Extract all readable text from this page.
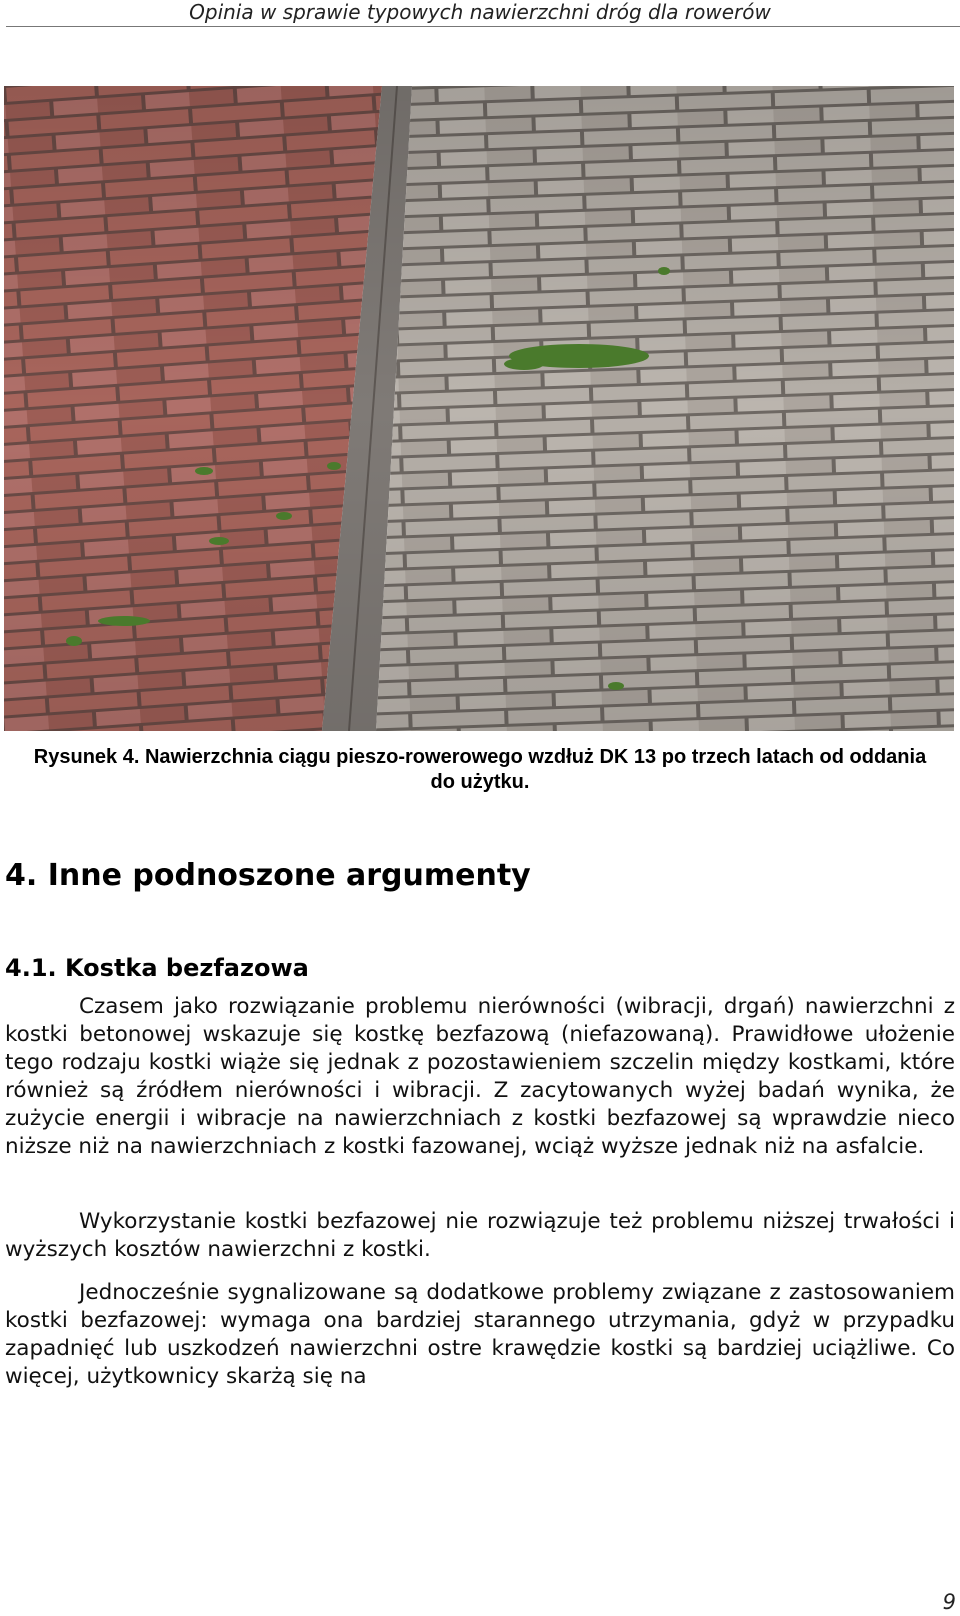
Opinia w sprawie typowych nawierzchni dróg dla rowerów
Rysunek 4. Nawierzchnia ciągu pieszo-rowerowego wzdłuż DK 13 po trzech latach od oddania do użytku.
4. Inne podnoszone argumenty
4.1. Kostka bezfazowa
Czasem jako rozwiązanie problemu nierówności (wibracji, drgań) nawierzchni z kostki betonowej wskazuje się kostkę bezfazową (niefazowaną). Prawidłowe ułożenie tego rodzaju kostki wiąże się jednak z pozostawieniem szczelin między kostkami, które również są źródłem nierówności i wibracji. Z zacytowanych wyżej badań wynika, że zużycie energii i wibracje na nawierzchniach z kostki bezfazowej są wprawdzie nieco niższe niż na nawierzchniach z kostki fazowanej, wciąż wyższe jednak niż na asfalcie.
Wykorzystanie kostki bezfazowej nie rozwiązuje też problemu niższej trwałości i wyższych kosztów nawierzchni z kostki.
Jednocześnie sygnalizowane są dodatkowe problemy związane z zastosowaniem kostki bezfazowej: wymaga ona bardziej starannego utrzymania, gdyż w przypadku zapadnięć lub uszkodzeń nawierzchni ostre krawędzie kostki są bardziej uciążliwe. Co więcej, użytkownicy skarżą się na
9
